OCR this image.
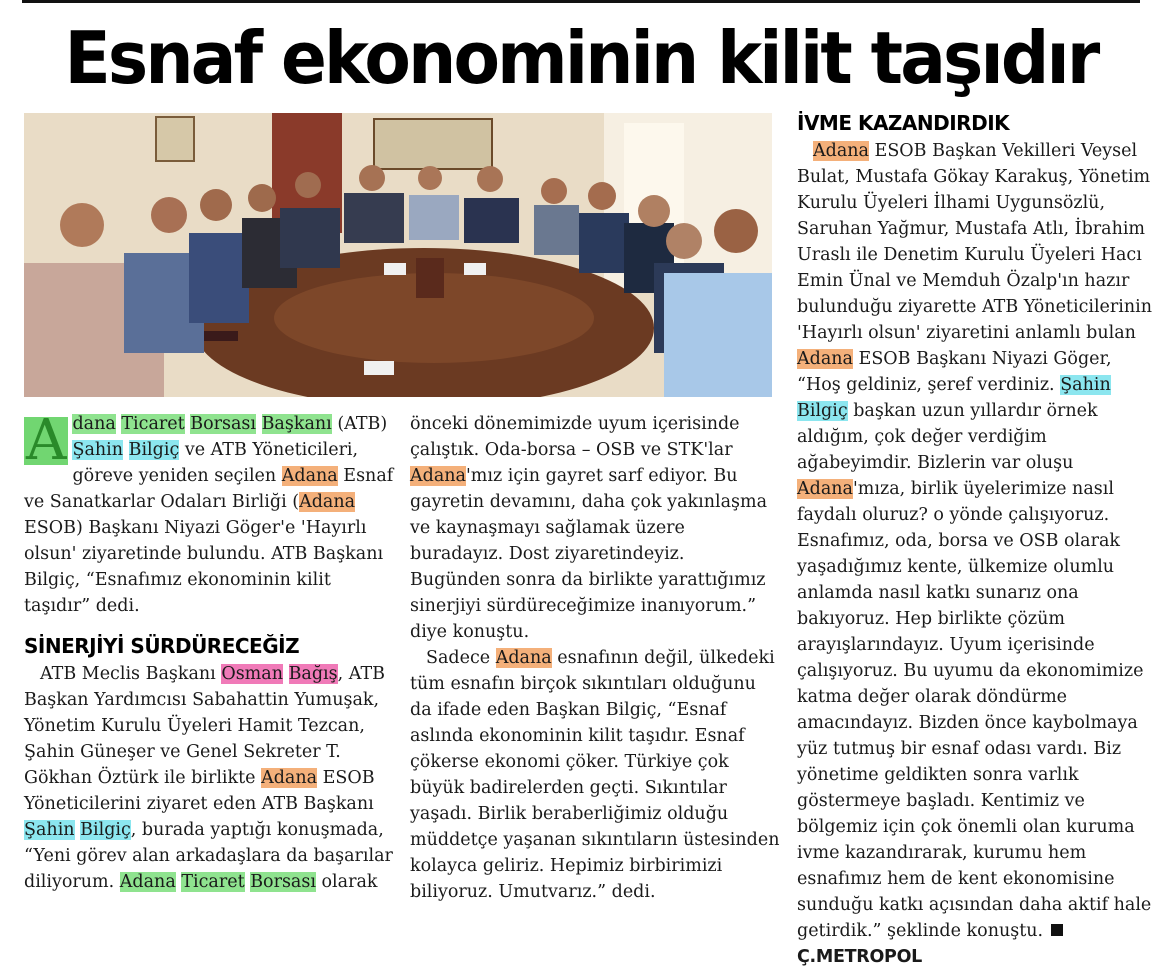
Esnaf ekonominin kilit taşıdır

A dana Ticaret Borsası Başkanı (ATB) Şahin Bilgiç ve ATB Yöneticileri, göreve yeniden seçilen Adana Esnaf ve Sanatkarlar Odaları Birliği (Adana ESOB) Başkanı Niyazi Göger'e 'Hayırlı olsun' ziyaretinde bulundu. ATB Başkanı Bilgiç, “Esnafımız ekonominin kilit taşıdır” dedi.

SİNERJİYİ SÜRDÜRECEĞİZ

ATB Meclis Başkanı Osman Bağış, ATB Başkan Yardımcısı Sabahattin Yumuşak, Yönetim Kurulu Üyeleri Hamit Tezcan, Şahin Güneşer ve Genel Sekreter T. Gökhan Öztürk ile birlikte Adana ESOB Yöneticilerini ziyaret eden ATB Başkanı Şahin Bilgiç, burada yaptığı konuşmada, “Yeni görev alan arkadaşlara da başarılar diliyorum. Adana Ticaret Borsası olarak

önceki dönemimizde uyum içerisinde çalıştık. Oda-borsa – OSB ve STK'lar Adana'mız için gayret sarf ediyor. Bu gayretin devamını, daha çok yakınlaşma ve kaynaşmayı sağlamak üzere buradayız. Dost ziyaretindeyiz. Bugünden sonra da birlikte yarattığımız sinerjiyi sürdüreceğimize inanıyorum.” diye konuştu.

Sadece Adana esnafının değil, ülkedeki tüm esnafın birçok sıkıntıları olduğunu da ifade eden Başkan Bilgiç, “Esnaf aslında ekonominin kilit taşıdır. Esnaf çökerse ekonomi çöker. Türkiye çok büyük badirelerden geçti. Sıkıntılar yaşadı. Birlik beraberliğimiz olduğu müddetçe yaşanan sıkıntıların üstesinden kolayca geliriz. Hepimiz birbirimizi biliyoruz. Umutvarız.” dedi.

İVME KAZANDIRDIK

Adana ESOB Başkan Vekilleri Veysel Bulat, Mustafa Gökay Karakuş, Yönetim Kurulu Üyeleri İlhami Uygunsözlü, Saruhan Yağmur, Mustafa Atlı, İbrahim Uraslı ile Denetim Kurulu Üyeleri Hacı Emin Ünal ve Memduh Özalp'ın hazır bulunduğu ziyarette ATB Yöneticilerinin 'Hayırlı olsun' ziyaretini anlamlı bulan Adana ESOB Başkanı Niyazi Göger, “Hoş geldiniz, şeref verdiniz. Şahin Bilgiç başkan uzun yıllardır örnek aldığım, çok değer verdiğim ağabeyimdir. Bizlerin var oluşu Adana'mıza, birlik üyelerimize nasıl faydalı oluruz? o yönde çalışıyoruz. Esnafımız, oda, borsa ve OSB olarak yaşadığımız kente, ülkemize olumlu anlamda nasıl katkı sunarız ona bakıyoruz. Hep birlikte çözüm arayışlarındayız. Uyum içerisinde çalışıyoruz. Bu uyumu da ekonomimize katma değer olarak döndürme amacındayız. Bizden önce kaybolmaya yüz tutmuş bir esnaf odası vardı. Biz yönetime geldikten sonra varlık göstermeye başladı. Kentimiz ve bölgemiz için çok önemli olan kuruma ivme kazandırarak, kurumu hem esnafımız hem de kent ekonomisine sunduğu katkı açısından daha aktif hale getirdik.” şeklinde konuştu. Ç.METROPOL
